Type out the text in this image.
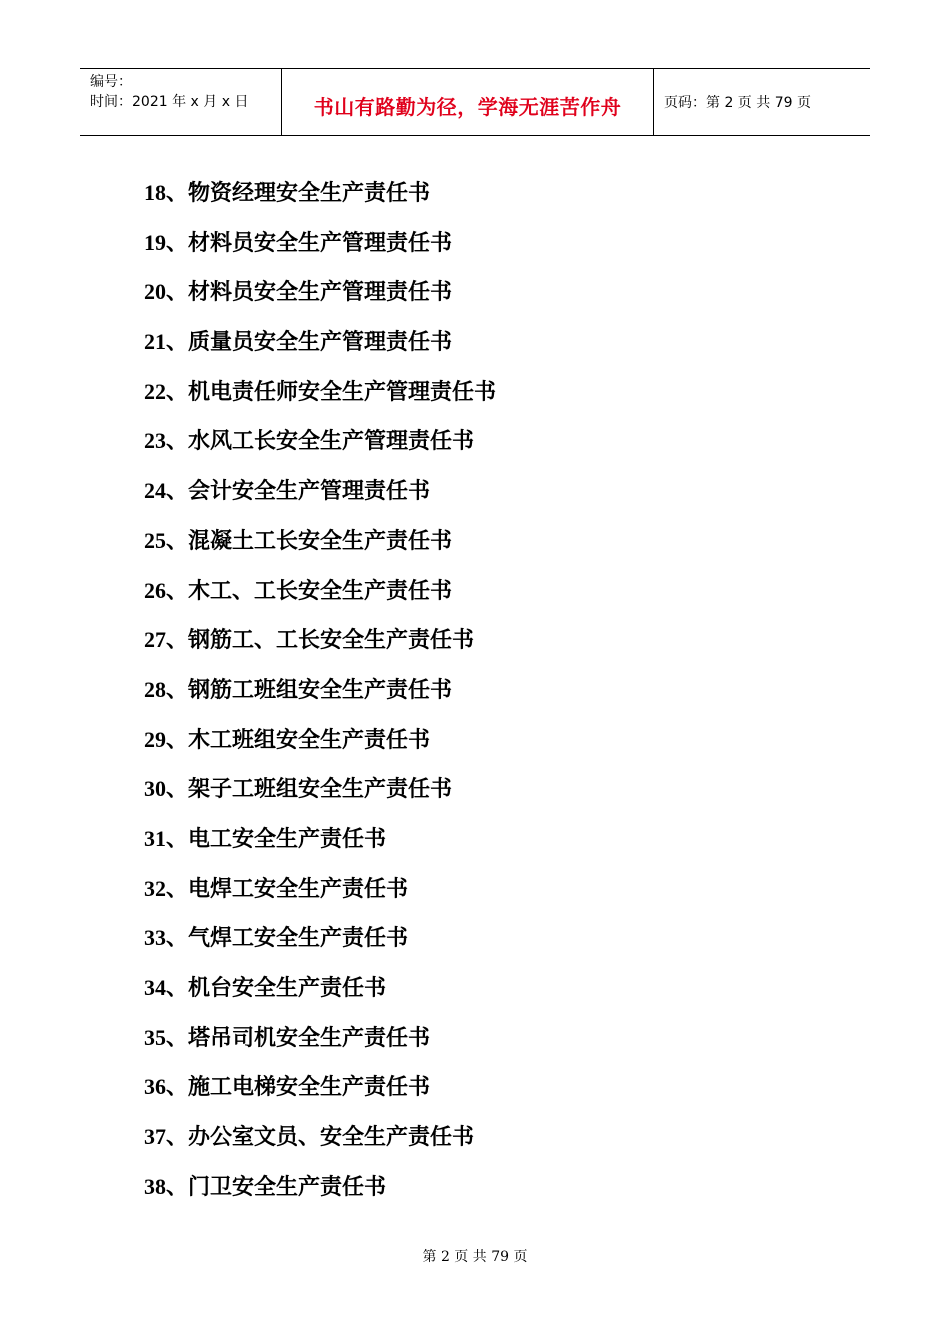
编号：
时间：2021 年 x 月 x 日	书山有路勤为径，学海无涯苦作舟	页码：第 2 页 共 79 页
18、物资经理安全生产责任书
19、材料员安全生产管理责任书
20、材料员安全生产管理责任书
21、质量员安全生产管理责任书
22、机电责任师安全生产管理责任书
23、水风工长安全生产管理责任书
24、会计安全生产管理责任书
25、混凝土工长安全生产责任书
26、木工、工长安全生产责任书
27、钢筋工、工长安全生产责任书
28、钢筋工班组安全生产责任书
29、木工班组安全生产责任书
30、架子工班组安全生产责任书
31、电工安全生产责任书
32、电焊工安全生产责任书
33、气焊工安全生产责任书
34、机台安全生产责任书
35、塔吊司机安全生产责任书
36、施工电梯安全生产责任书
37、办公室文员、安全生产责任书
38、门卫安全生产责任书
第 2 页 共 79 页
